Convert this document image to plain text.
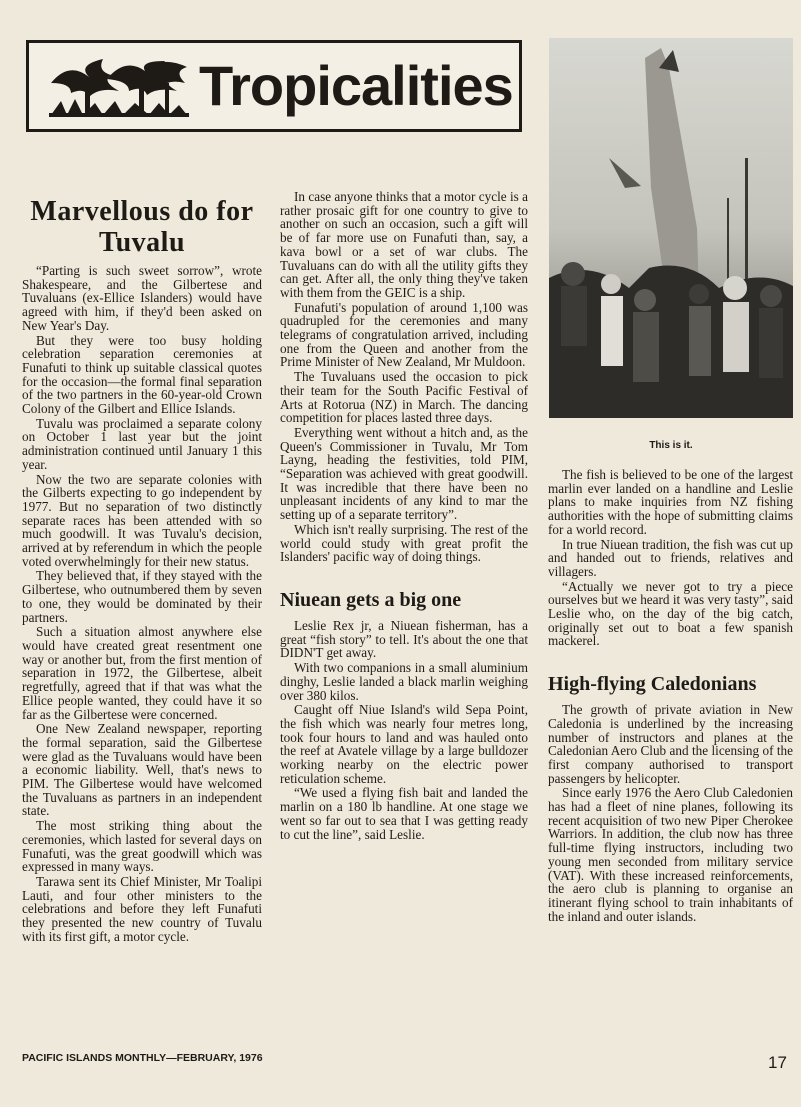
Tropicalities
This is it.
Marvellous do for Tuvalu

“Parting is such sweet sorrow”, wrote Shakespeare, and the Gilbertese and Tuvaluans (ex-Ellice Islanders) would have agreed with him, if they'd been asked on New Year's Day.

But they were too busy holding celebration separation ceremonies at Funafuti to think up suitable classical quotes for the occasion—the formal final separation of the two partners in the 60-year-old Crown Colony of the Gilbert and Ellice Islands.

Tuvalu was proclaimed a separate colony on October 1 last year but the joint administration continued until January 1 this year.

Now the two are separate colonies with the Gilberts expecting to go independent by 1977. But no separation of two distinctly separate races has been attended with so much goodwill. It was Tuvalu's decision, arrived at by referendum in which the people voted overwhelmingly for their new status.

They believed that, if they stayed with the Gilbertese, who outnumbered them by seven to one, they would be dominated by their partners.

Such a situation almost anywhere else would have created great resentment one way or another but, from the first mention of separation in 1972, the Gilbertese, albeit regretfully, agreed that if that was what the Ellice people wanted, they could have it so far as the Gilbertese were concerned.

One New Zealand newspaper, reporting the formal separation, said the Gilbertese were glad as the Tuvaluans would have been a economic liability. Well, that's news to PIM. The Gilbertese would have welcomed the Tuvaluans as partners in an independent state.

The most striking thing about the ceremonies, which lasted for several days on Funafuti, was the great goodwill which was expressed in many ways.

Tarawa sent its Chief Minister, Mr Toalipi Lauti, and four other ministers to the celebrations and before they left Funafuti they presented the new country of Tuvalu with its first gift, a motor cycle.

In case anyone thinks that a motor cycle is a rather prosaic gift for one country to give to another on such an occasion, such a gift will be of far more use on Funafuti than, say, a kava bowl or a set of war clubs. The Tuvaluans can do with all the utility gifts they can get. After all, the only thing they've taken with them from the GEIC is a ship.

Funafuti's population of around 1,100 was quadrupled for the ceremonies and many telegrams of congratulation arrived, including one from the Queen and another from the Prime Minister of New Zealand, Mr Muldoon.

The Tuvaluans used the occasion to pick their team for the South Pacific Festival of Arts at Rotorua (NZ) in March. The dancing competition for places lasted three days.

Everything went without a hitch and, as the Queen's Commissioner in Tuvalu, Mr Tom Layng, heading the festivities, told PIM, “Separation was achieved with great goodwill. It was incredible that there have been no unpleasant incidents of any kind to mar the setting up of a separate territory”.

Which isn't really surprising. The rest of the world could study with great profit the Islanders' pacific way of doing things.

Niuean gets a big one

Leslie Rex jr, a Niuean fisherman, has a great “fish story” to tell. It's about the one that DIDN'T get away.

With two companions in a small aluminium dinghy, Leslie landed a black marlin weighing over 380 kilos.

Caught off Niue Island's wild Sepa Point, the fish which was nearly four metres long, took four hours to land and was hauled onto the reef at Avatele village by a large bulldozer working nearby on the electric power reticulation scheme.

“We used a flying fish bait and landed the marlin on a 180 lb handline. At one stage we went so far out to sea that I was getting ready to cut the line”, said Leslie.

The fish is believed to be one of the largest marlin ever landed on a handline and Leslie plans to make inquiries from NZ fishing authorities with the hope of submitting claims for a world record.

In true Niuean tradition, the fish was cut up and handed out to friends, relatives and villagers.

“Actually we never got to try a piece ourselves but we heard it was very tasty”, said Leslie who, on the day of the big catch, originally set out to boat a few spanish mackerel.

High-flying Caledonians

The growth of private aviation in New Caledonia is underlined by the increasing number of instructors and planes at the Caledonian Aero Club and the licensing of the first company authorised to transport passengers by helicopter.

Since early 1976 the Aero Club Caledonien has had a fleet of nine planes, following its recent acquisition of two new Piper Cherokee Warriors. In addition, the club now has three full-time flying instructors, including two young men seconded from military service (VAT). With these increased reinforcements, the aero club is planning to organise an itinerant flying school to train inhabitants of the inland and outer islands.

PACIFIC ISLANDS MONTHLY—FEBRUARY, 1976	17
